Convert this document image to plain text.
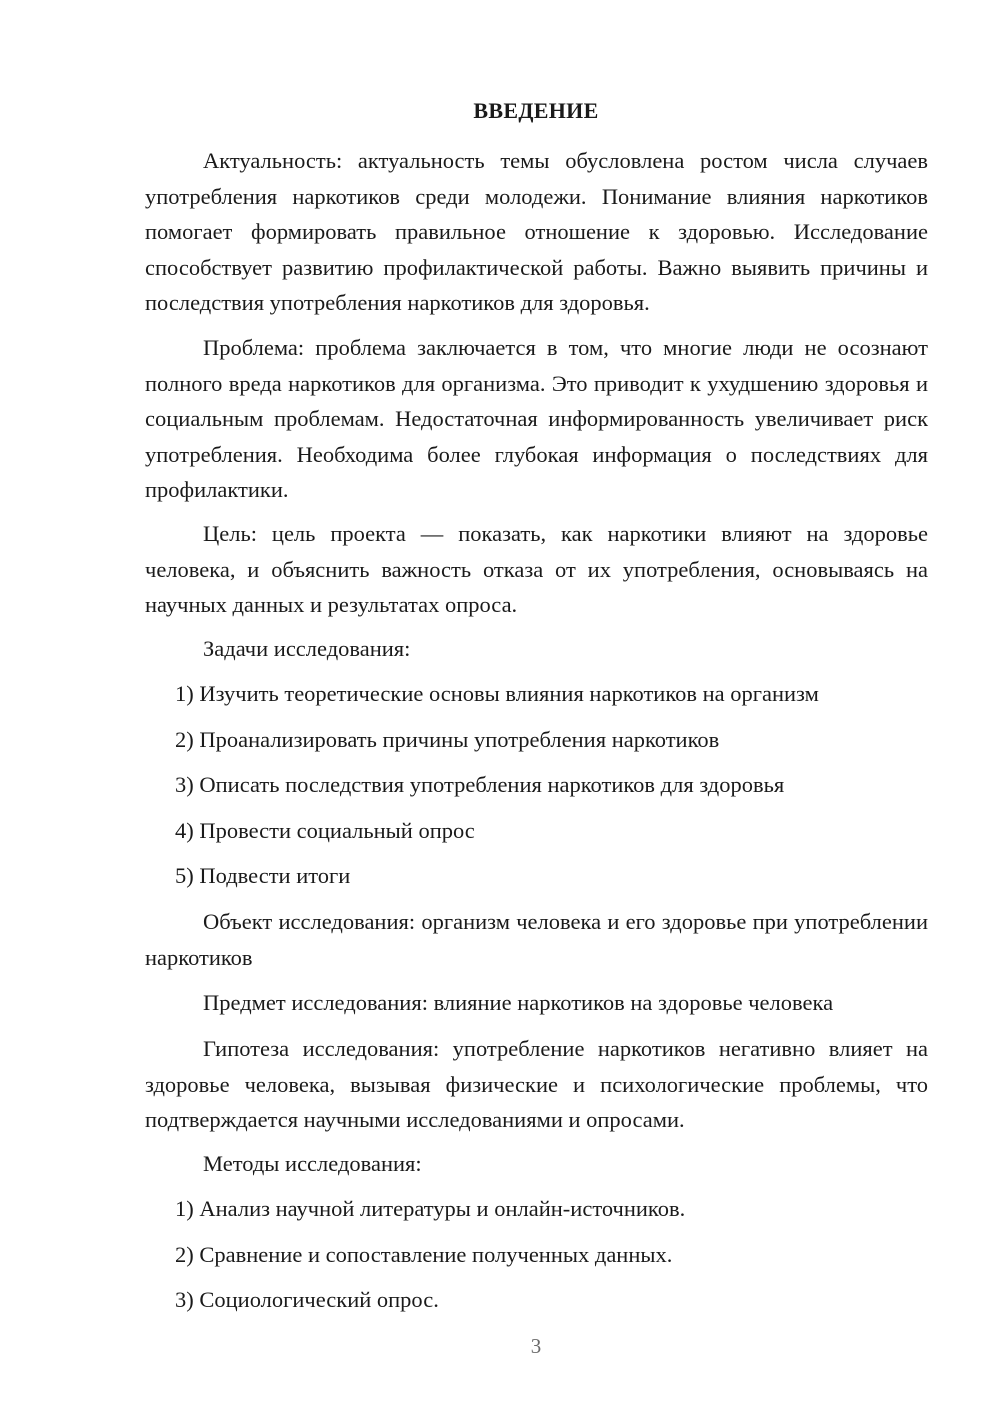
ВВЕДЕНИЕ

Актуальность: актуальность темы обусловлена ростом числа случаев употребления наркотиков среди молодежи. Понимание влияния наркотиков помогает формировать правильное отношение к здоровью. Исследование способствует развитию профилактической работы. Важно выявить причины и последствия употребления наркотиков для здоровья.

Проблема: проблема заключается в том, что многие люди не осознают полного вреда наркотиков для организма. Это приводит к ухудшению здоровья и социальным проблемам. Недостаточная информированность увеличивает риск употребления. Необходима более глубокая информация о последствиях для профилактики.

Цель: цель проекта — показать, как наркотики влияют на здоровье человека, и объяснить важность отказа от их употребления, основываясь на научных данных и результатах опроса.

Задачи исследования:

1) Изучить теоретические основы влияния наркотиков на организм

2) Проанализировать причины употребления наркотиков

3) Описать последствия употребления наркотиков для здоровья

4) Провести социальный опрос

5) Подвести итоги

Объект исследования: организм человека и его здоровье при употреблении наркотиков

Предмет исследования: влияние наркотиков на здоровье человека

Гипотеза исследования: употребление наркотиков негативно влияет на здоровье человека, вызывая физические и психологические проблемы, что подтверждается научными исследованиями и опросами.

Методы исследования:

1) Анализ научной литературы и онлайн-источников.

2) Сравнение и сопоставление полученных данных.

3) Социологический опрос.

3
